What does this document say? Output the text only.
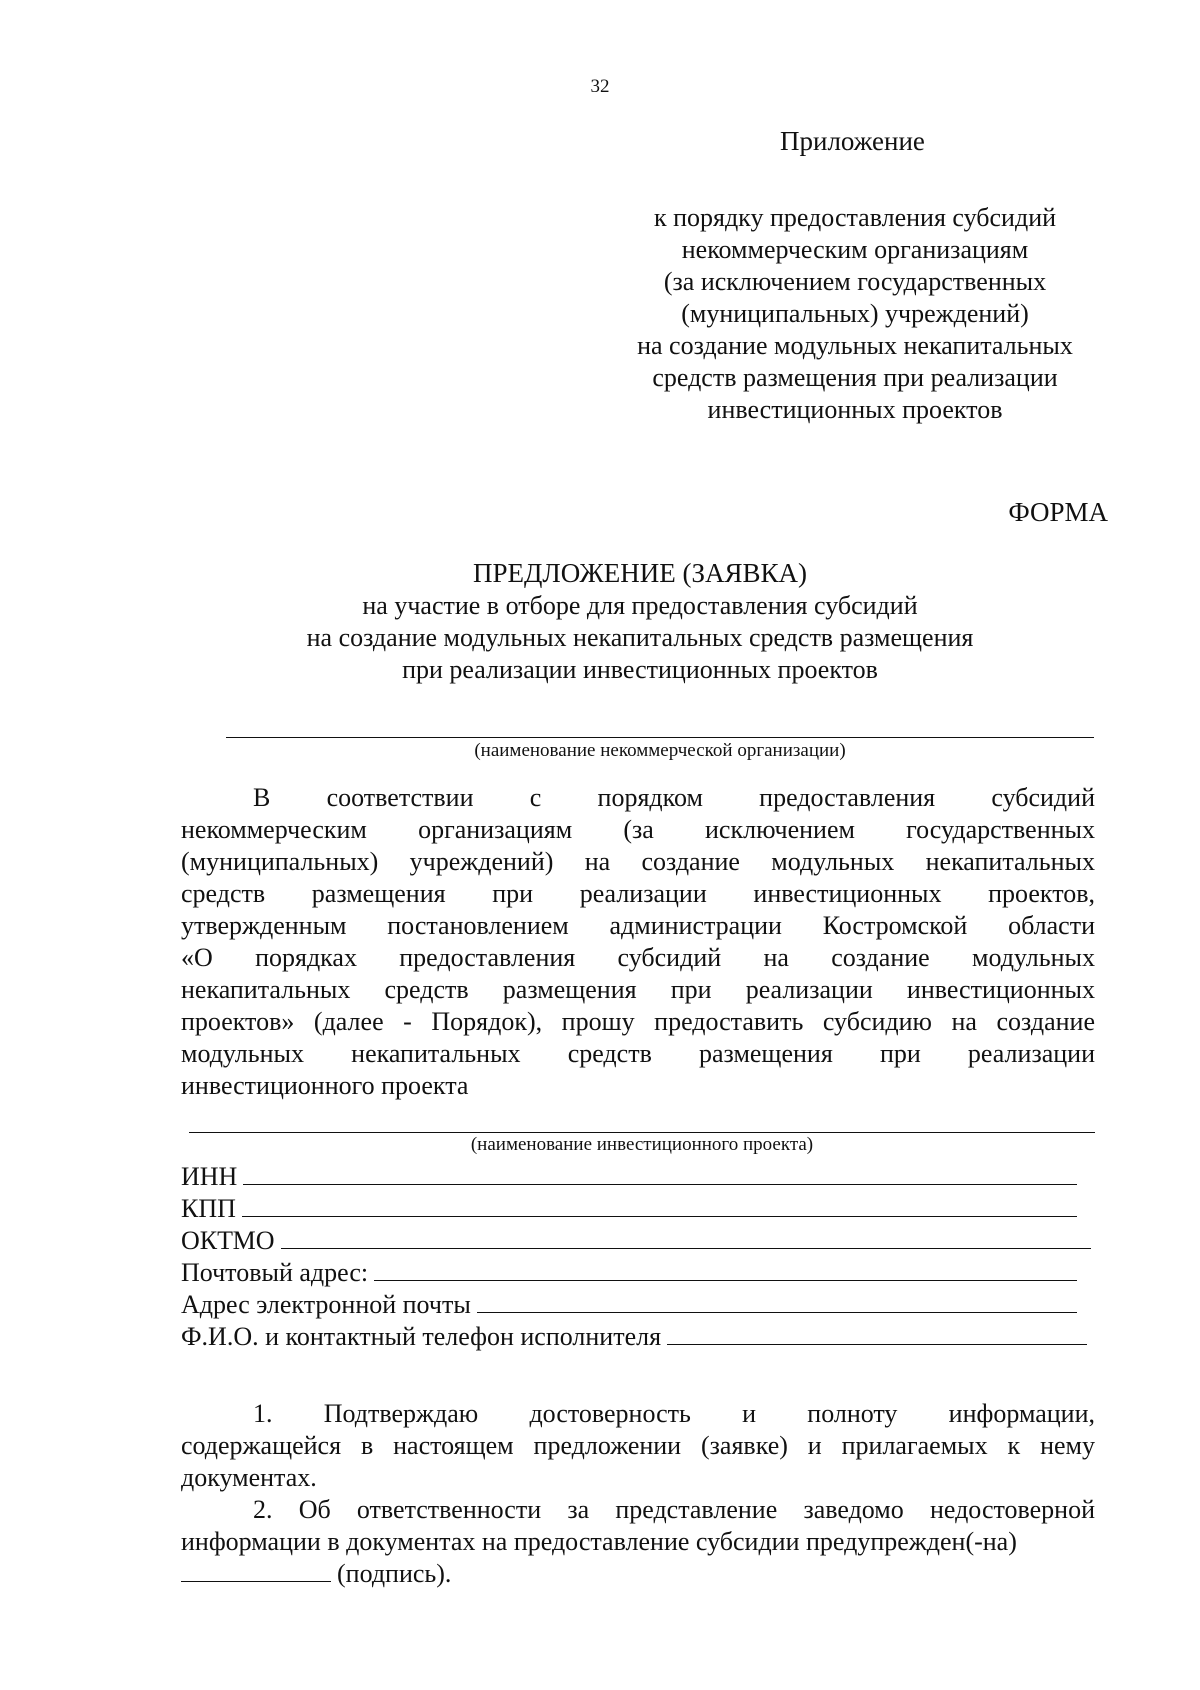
32
Приложение
к порядку предоставления субсидий
некоммерческим организациям
(за исключением государственных
(муниципальных) учреждений)
на создание модульных некапитальных
средств размещения при реализации
инвестиционных проектов
ФОРМА
ПРЕДЛОЖЕНИЕ (ЗАЯВКА)
на участие в отборе для предоставления субсидий
на создание модульных некапитальных средств размещения
при реализации инвестиционных проектов
(наименование некоммерческой организации)
В соответствии с порядком предоставления субсидий
некоммерческим организациям (за исключением государственных
(муниципальных) учреждений) на создание модульных некапитальных
средств размещения при реализации инвестиционных проектов,
утвержденным постановлением администрации Костромской области
«О порядках предоставления субсидий на создание модульных
некапитальных средств размещения при реализации инвестиционных
проектов» (далее - Порядок), прошу предоставить субсидию на создание
модульных некапитальных средств размещения при реализации
инвестиционного проекта
(наименование инвестиционного проекта)
ИНН
КПП
ОКТМО
Почтовый адрес:
Адрес электронной почты
Ф.И.О. и контактный телефон исполнителя
1. Подтверждаю достоверность и полноту информации,
содержащейся в настоящем предложении (заявке) и прилагаемых к нему
документах.
2. Об ответственности за представление заведомо недостоверной
информации в документах на предоставление субсидии предупрежден(-на)
(подпись).
